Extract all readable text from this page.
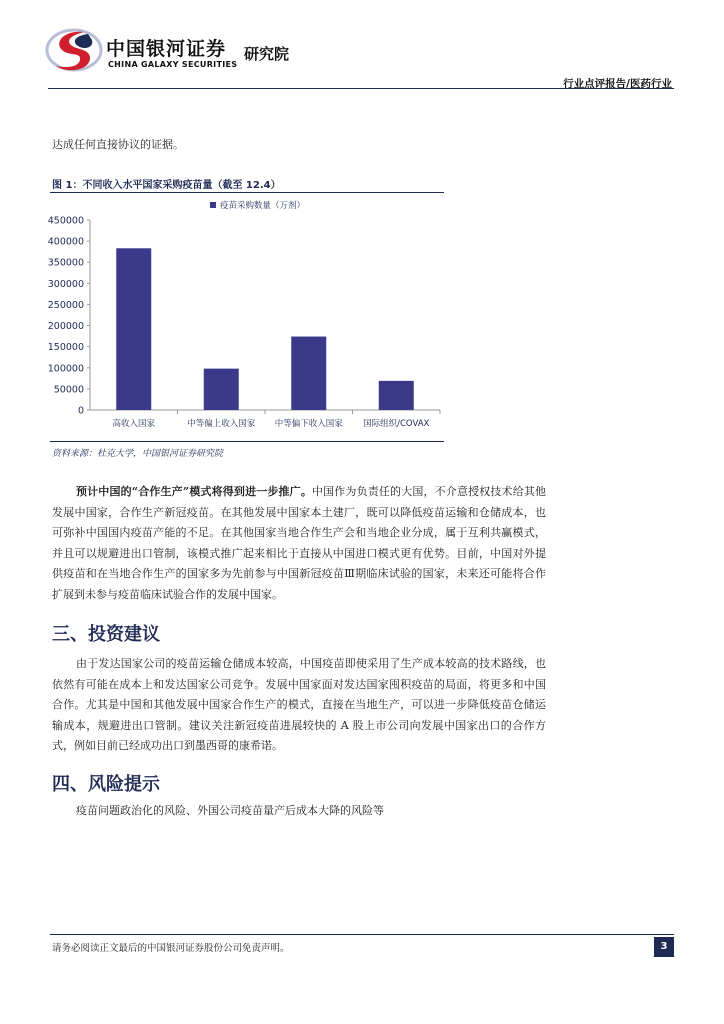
中国银河证券
CHINA GALAXY SECURITIES
研究院
行业点评报告/医药行业
达成任何直接协议的证据。
图 1：不同收入水平国家采购疫苗量（截至 12.4）
0
50000
100000
150000
200000
250000
300000
350000
400000
450000
高收入国家	中等偏上收入国家 中等偏下收入国家 国际组织/COVAX
疫苗采购数量（万剂）
资料来源：杜克大学，中国银河证券研究院
预计中国的“合作生产”模式将得到进一步推广。中国作为负责任的大国，不介意授权技术给其他发展中国家，合作生产新冠疫苗。在其他发展中国家本土建厂，既可以降低疫苗运输和仓储成本，也可弥补中国国内疫苗产能的不足。在其他国家当地合作生产会和当地企业分成，属于互利共赢模式，并且可以规避进出口管制，该模式推广起来相比于直接从中国进口模式更有优势。目前，中国对外提供疫苗和在当地合作生产的国家多为先前参与中国新冠疫苗Ⅲ期临床试验的国家，未来还可能将合作扩展到未参与疫苗临床试验合作的发展中国家。
三、投资建议
由于发达国家公司的疫苗运输仓储成本较高，中国疫苗即使采用了生产成本较高的技术路线，也依然有可能在成本上和发达国家公司竞争。发展中国家面对发达国家囤积疫苗的局面，将更多和中国合作。尤其是中国和其他发展中国家合作生产的模式，直接在当地生产，可以进一步降低疫苗仓储运输成本，规避进出口管制。建议关注新冠疫苗进展较快的 A 股上市公司向发展中国家出口的合作方式，例如目前已经成功出口到墨西哥的康希诺。
四、风险提示
疫苗问题政治化的风险、外国公司疫苗量产后成本大降的风险等
请务必阅读正文最后的中国银河证券股份公司免责声明。	3
